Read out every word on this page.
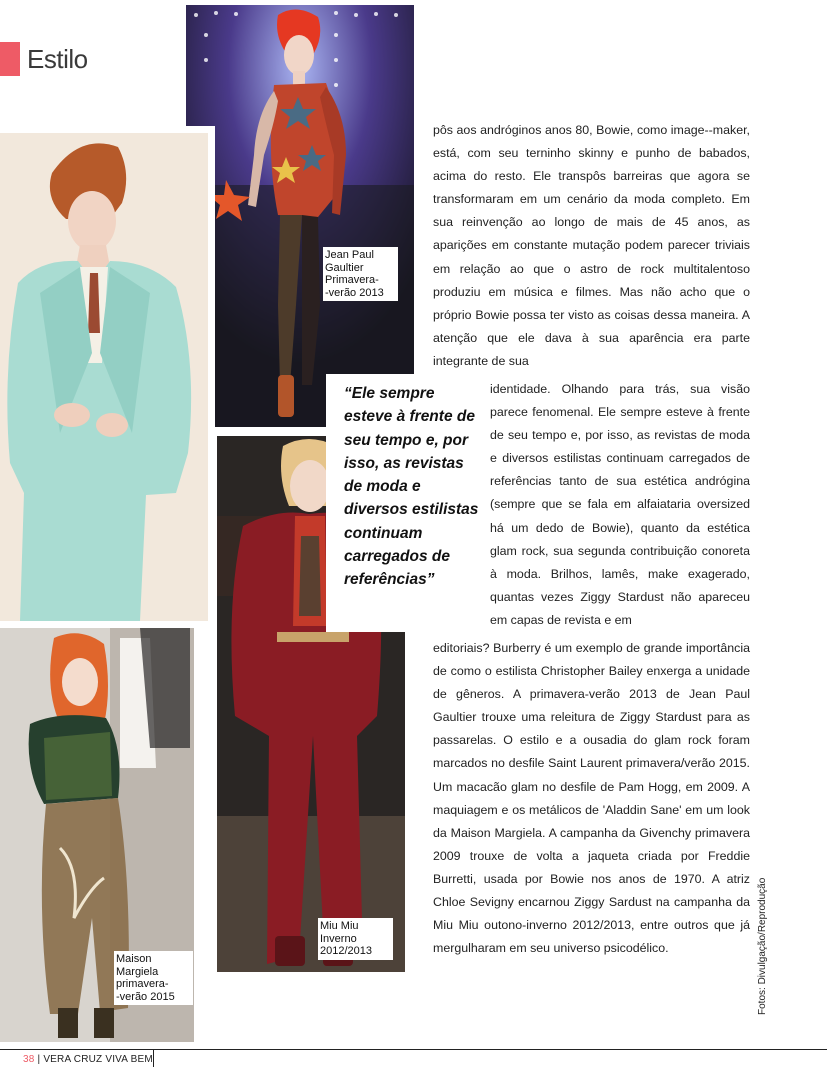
Estilo
Jean Paul
Gaultier
Primavera-
-verão 2013
Miu Miu
Inverno
2012/2013
Maison
Margiela
primavera-
-verão 2015
“Ele sempre esteve à frente de seu tempo e, por isso, as revistas de moda e diversos estilistas continuam carregados de referências”
pôs aos andróginos anos 80, Bowie, como image--maker, está, com seu terninho skinny e punho de babados, acima do resto. Ele transpôs barreiras que agora se transformaram em um cenário da moda completo. Em sua reinvenção ao longo de mais de 45 anos, as aparições em constante mutação podem parecer triviais em relação ao que o astro de rock multitalentoso produziu em música e filmes. Mas não acho que o próprio Bowie possa ter visto as coisas dessa maneira. A atenção que ele dava à sua aparência era parte integrante de sua
identidade. Olhando para trás, sua visão parece fenomenal. Ele sempre esteve à frente de seu tempo e, por isso, as revistas de moda e diversos estilistas continuam carregados de referências tanto de sua estética andrógina (sempre que se fala em alfaiataria oversized há um dedo de Bowie), quanto da estética glam rock, sua segunda contribuição conoreta à moda. Brilhos, lamês, make exagerado, quantas vezes Ziggy Stardust não apareceu em capas de revista e em
editoriais? Burberry é um exemplo de grande importância de como o estilista Christopher Bailey enxerga a unidade de gêneros. A primavera-verão 2013 de Jean Paul Gaultier trouxe uma releitura de Ziggy Stardust para as passarelas. O estilo e a ousadia do glam rock foram marcados no desfile Saint Laurent primavera/verão 2015. Um macacão glam no desfile de Pam Hogg, em 2009. A maquiagem e os metálicos de 'Aladdin Sane' em um look da Maison Margiela. A campanha da Givenchy primavera 2009 trouxe de volta a jaqueta criada por Freddie Burretti, usada por Bowie nos anos de 1970. A atriz Chloe Sevigny encarnou Ziggy Sardust na campanha da Miu Miu outono-inverno 2012/2013, entre outros que já mergulharam em seu universo psicodélico.	Fotos: Divulgação/Reprodução
38 | VERA CRUZ VIVA BEM
